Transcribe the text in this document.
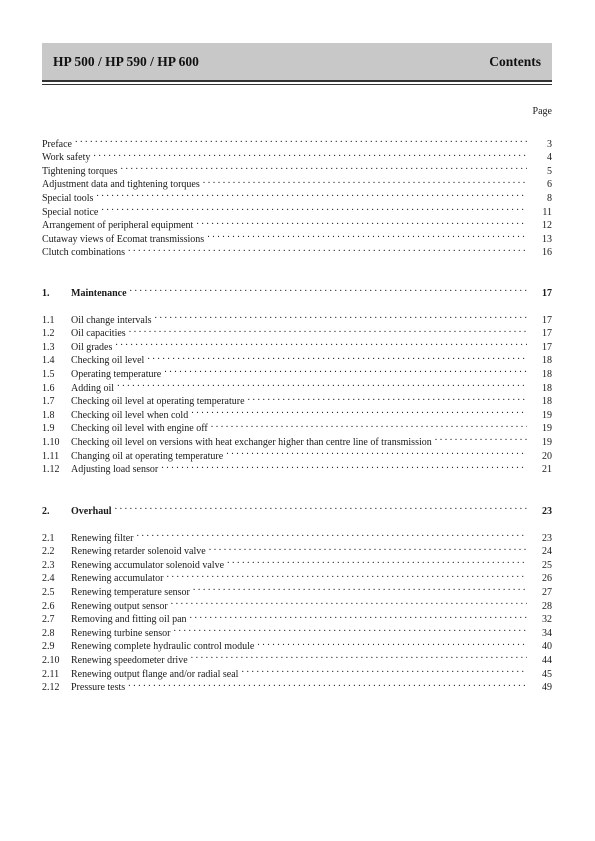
HP 500 / HP 590 / HP 600	Contents
Page
Preface . . .	3
Work safety . . .	4
Tightening torques . . .	5
Adjustment data and tightening torques . . .	6
Special tools . . .	8
Special notice . . .	11
Arrangement of peripheral equipment . . .	12
Cutaway views of Ecomat transmissions . . .	13
Clutch combinations . . .	16
1.	Maintenance . . .	17
1.1	Oil change intervals . . .	17
1.2	Oil capacities . . .	17
1.3	Oil grades . . .	17
1.4	Checking oil level . . .	18
1.5	Operating temperature . . .	18
1.6	Adding oil . . .	18
1.7	Checking oil level at operating temperature . . .	18
1.8	Checking oil level when cold . . .	19
1.9	Checking oil level with engine off . . .	19
1.10	Checking oil level on versions with heat exchanger higher than centre line of transmission . . .	19
1.11	Changing oil at operating temperature . . .	20
1.12	Adjusting load sensor . . .	21
2.	Overhaul . . .	23
2.1	Renewing filter . . .	23
2.2	Renewing retarder solenoid valve . . .	24
2.3	Renewing accumulator solenoid valve . . .	25
2.4	Renewing accumulator . . .	26
2.5	Renewing temperature sensor . . .	27
2.6	Renewing output sensor . . .	28
2.7	Removing and fitting oil pan . . .	32
2.8	Renewing turbine sensor . . .	34
2.9	Renewing complete hydraulic control module . . .	40
2.10	Renewing speedometer drive . . .	44
2.11	Renewing output flange and/or radial seal . . .	45
2.12	Pressure tests . . .	49
